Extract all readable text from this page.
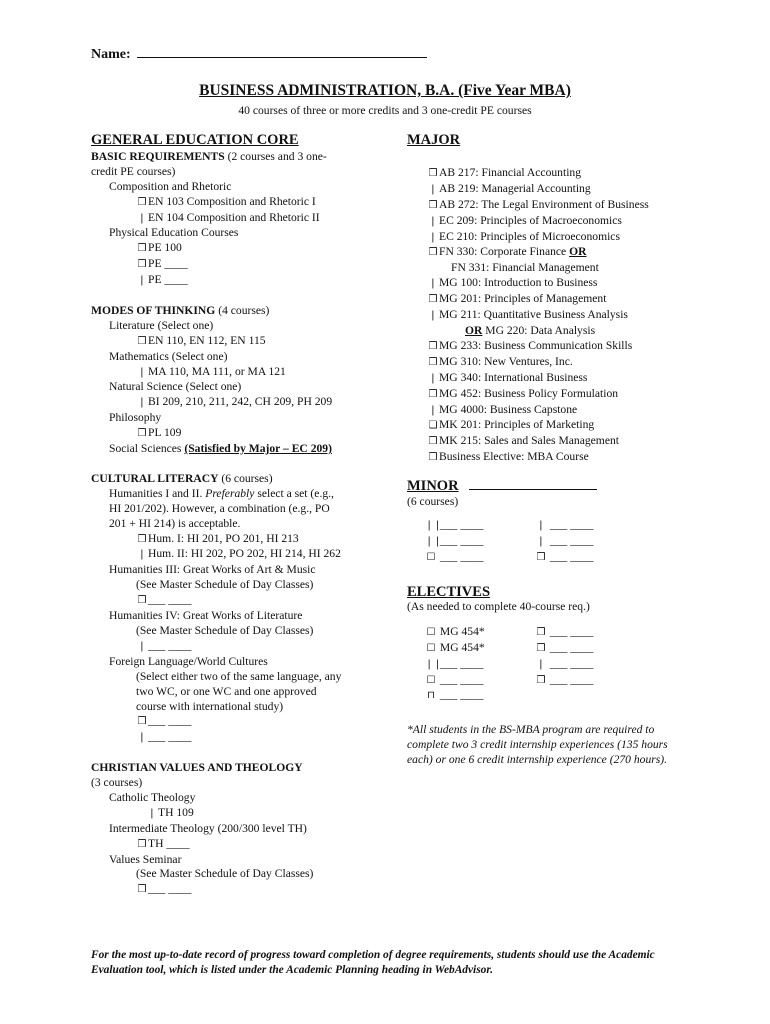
Name:
BUSINESS ADMINISTRATION, B.A. (Five Year MBA)
40 courses of three or more credits and 3 one-credit PE courses
GENERAL EDUCATION CORE
BASIC REQUIREMENTS (2 courses and 3 one-
credit PE courses)
Composition and Rhetoric
❒ EN 103 Composition and Rhetoric I
❘ EN 104 Composition and Rhetoric II
Physical Education Courses
❒ PE 100
❒ PE ____
❘ PE ____
MODES OF THINKING (4 courses)
Literature (Select one)
❒ EN 110, EN 112, EN 115
Mathematics (Select one)
❘ MA 110, MA 111, or MA 121
Natural Science (Select one)
❘ BI 209, 210, 211, 242, CH 209, PH 209
Philosophy
❒ PL 109
Social Sciences (Satisfied by Major – EC 209)
CULTURAL LITERACY (6 courses)
Humanities I and II. Preferably select a set (e.g.,
HI 201/202). However, a combination (e.g., PO
201 + HI 214) is acceptable.
❒ Hum. I: HI 201, PO 201, HI 213
❘ Hum. II: HI 202, PO 202, HI 214, HI 262
Humanities III: Great Works of Art & Music
(See Master Schedule of Day Classes)
❒ ___ ____
Humanities IV: Great Works of Literature
(See Master Schedule of Day Classes)
❘ ___ ____
Foreign Language/World Cultures
(Select either two of the same language, any
two WC, or one WC and one approved
course with international study)
❒ ___ ____
❘ ___ ____
CHRISTIAN VALUES AND THEOLOGY
(3 courses)
Catholic Theology
❘ TH 109
Intermediate Theology (200/300 level TH)
❒ TH ____
Values Seminar
(See Master Schedule of Day Classes)
❒ ___ ____
MAJOR
❒ AB 217: Financial Accounting
❘ AB 219: Managerial Accounting
❒ AB 272: The Legal Environment of Business
❘ EC 209: Principles of Macroeconomics
❘ EC 210: Principles of Microeconomics
❒ FN 330: Corporate Finance OR
FN 331: Financial Management
❘ MG 100: Introduction to Business
❒ MG 201: Principles of Management
❘ MG 211: Quantitative Business Analysis
OR MG 220: Data Analysis
❒ MG 233: Business Communication Skills
❒ MG 310: New Ventures, Inc.
❘ MG 340: International Business
❒ MG 452: Business Policy Formulation
❘ MG 4000: Business Capstone
❏ MK 201: Principles of Marketing
❒ MK 215: Sales and Sales Management
❒ Business Elective: MBA Course
MINOR
(6 courses)
❘❘ ___ ____
❘❘ ___ ____
☐ ___ ____
❘ ___ ____
❘ ___ ____
❒ ___ ____
ELECTIVES
(As needed to complete 40-course req.)
☐ MG 454*
☐ MG 454*
❘❘ ___ ____
☐ ___ ____
⊓ ___ ____
❒ ___ ____
❒ ___ ____
❘ ___ ____
❒ ___ ____
*All students in the BS-MBA program are required to complete two 3 credit internship experiences (135 hours each) or one 6 credit internship experience (270 hours).
For the most up-to-date record of progress toward completion of degree requirements, students should use the Academic Evaluation tool, which is listed under the Academic Planning heading in WebAdvisor.
